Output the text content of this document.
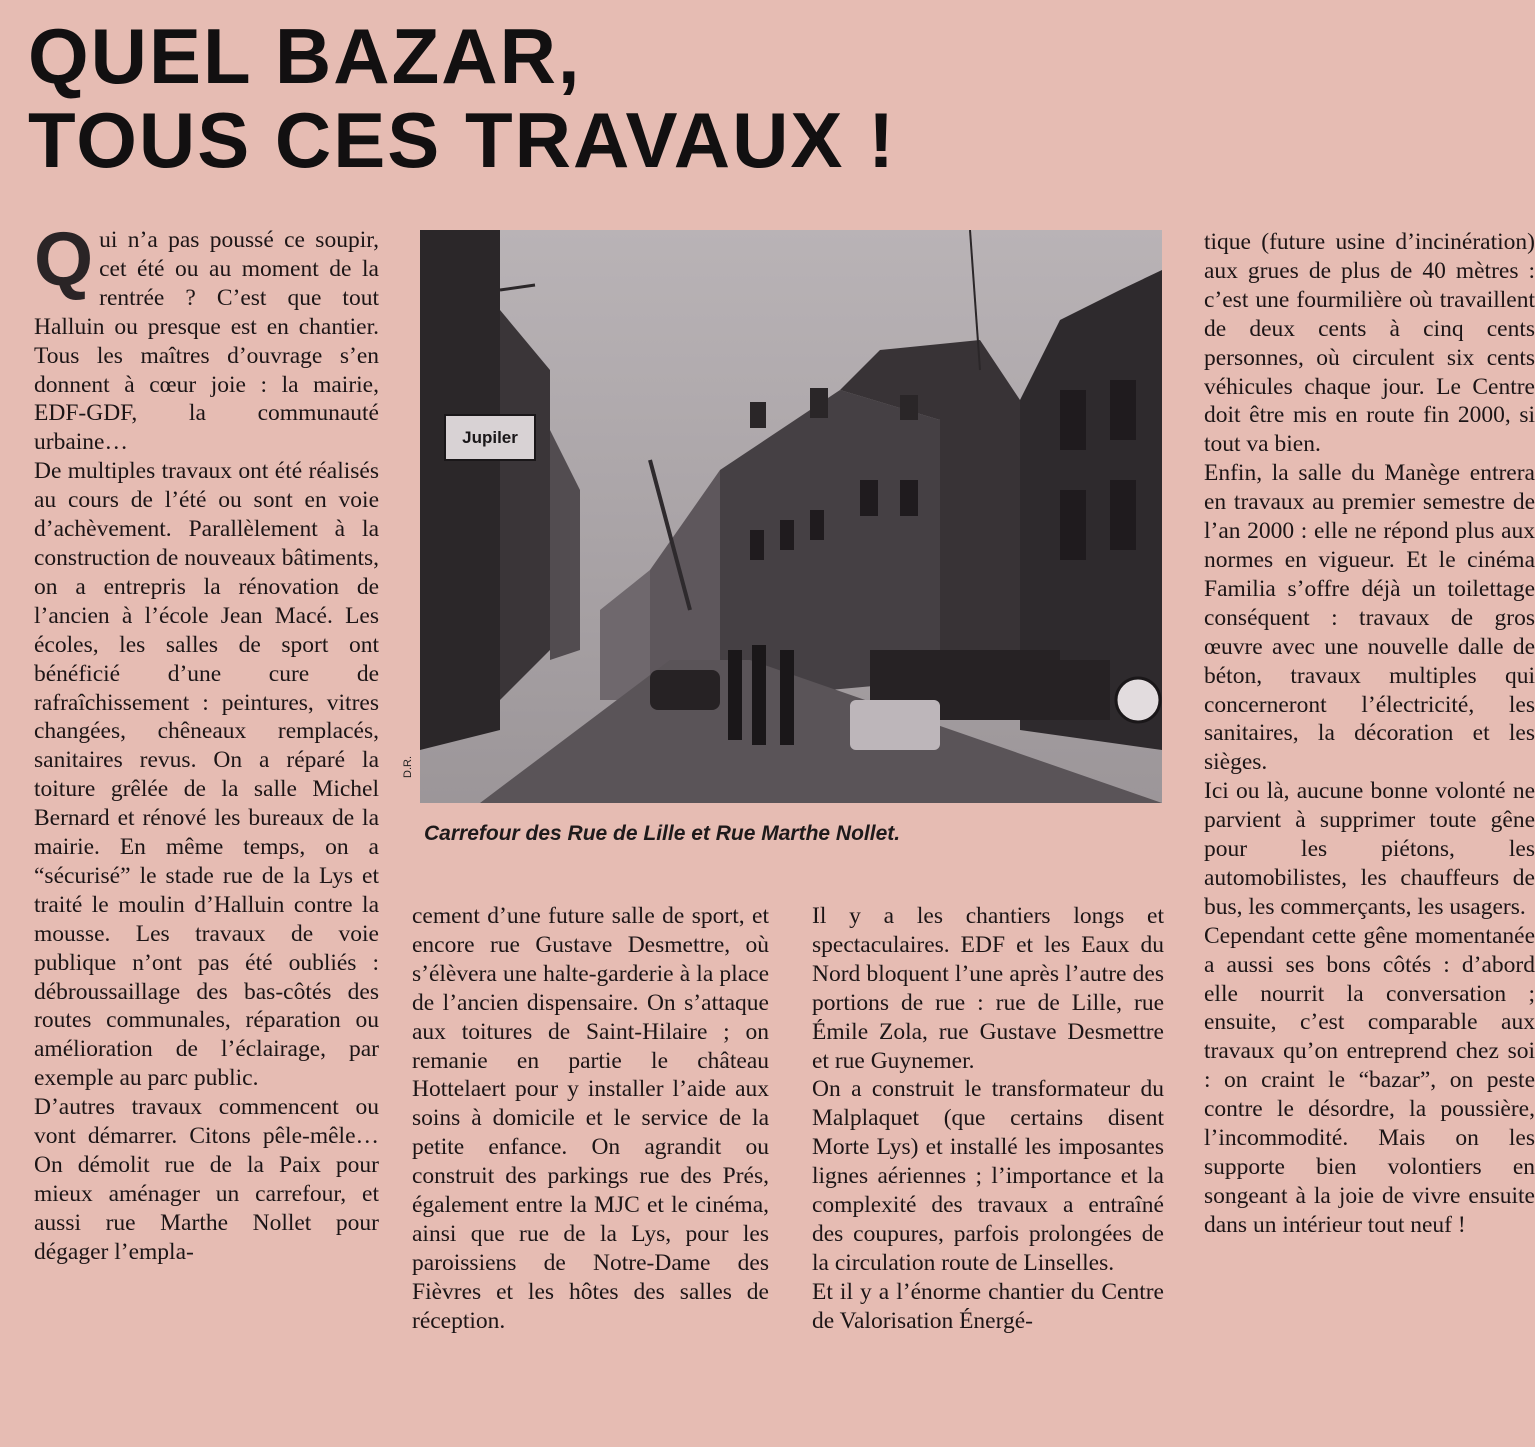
QUEL BAZAR,
TOUS CES TRAVAUX !
Q ui n’a pas poussé ce soupir, cet été ou au moment de la rentrée ? C’est que tout Halluin ou presque est en chantier. Tous les maîtres d’ouvrage s’en donnent à cœur joie : la mairie, EDF-GDF, la communauté urbaine…

De multiples travaux ont été réalisés au cours de l’été ou sont en voie d’achèvement. Parallèlement à la construction de nouveaux bâtiments, on a entrepris la rénovation de l’ancien à l’école Jean Macé. Les écoles, les salles de sport ont bénéficié d’une cure de rafraîchissement : peintures, vitres changées, chêneaux remplacés, sanitaires revus. On a réparé la toiture grêlée de la salle Michel Bernard et rénové les bureaux de la mairie. En même temps, on a “sécurisé” le stade rue de la Lys et traité le moulin d’Halluin contre la mousse. Les travaux de voie publique n’ont pas été oubliés : débroussaillage des bas-côtés des routes communales, réparation ou amélioration de l’éclairage, par exemple au parc public.

D’autres travaux commencent ou vont démarrer. Citons pêle-mêle… On démolit rue de la Paix pour mieux aménager un carrefour, et aussi rue Marthe Nollet pour dégager l’empla-

Jupiler
D.R.

Carrefour des Rue de Lille et Rue Marthe Nollet.

cement d’une future salle de sport, et encore rue Gustave Desmettre, où s’élèvera une halte-garderie à la place de l’ancien dispensaire. On s’attaque aux toitures de Saint-Hilaire ; on remanie en partie le château Hottelaert pour y installer l’aide aux soins à domicile et le service de la petite enfance. On agrandit ou construit des parkings rue des Prés, également entre la MJC et le cinéma, ainsi que rue de la Lys, pour les paroissiens de Notre-Dame des Fièvres et les hôtes des salles de réception.

Il y a les chantiers longs et spectaculaires. EDF et les Eaux du Nord bloquent l’une après l’autre des portions de rue : rue de Lille, rue Émile Zola, rue Gustave Desmettre et rue Guynemer.

On a construit le transformateur du Malplaquet (que certains disent Morte Lys) et installé les imposantes lignes aériennes ; l’importance et la complexité des travaux a entraîné des coupures, parfois prolongées de la circulation route de Linselles.

Et il y a l’énorme chantier du Centre de Valorisation Énergé-

tique (future usine d’incinération) aux grues de plus de 40 mètres : c’est une fourmilière où travaillent de deux cents à cinq cents personnes, où circulent six cents véhicules chaque jour. Le Centre doit être mis en route fin 2000, si tout va bien.

Enfin, la salle du Manège entrera en travaux au premier semestre de l’an 2000 : elle ne répond plus aux normes en vigueur. Et le cinéma Familia s’offre déjà un toilettage conséquent : travaux de gros œuvre avec une nouvelle dalle de béton, travaux multiples qui concerneront l’électricité, les sanitaires, la décoration et les sièges.

Ici ou là, aucune bonne volonté ne parvient à supprimer toute gêne pour les piétons, les automobilistes, les chauffeurs de bus, les commerçants, les usagers.

Cependant cette gêne momentanée a aussi ses bons côtés : d’abord elle nourrit la conversation ; ensuite, c’est comparable aux travaux qu’on entreprend chez soi : on craint le “bazar”, on peste contre le désordre, la poussière, l’incommodité. Mais on les supporte bien volontiers en songeant à la joie de vivre ensuite dans un intérieur tout neuf !
